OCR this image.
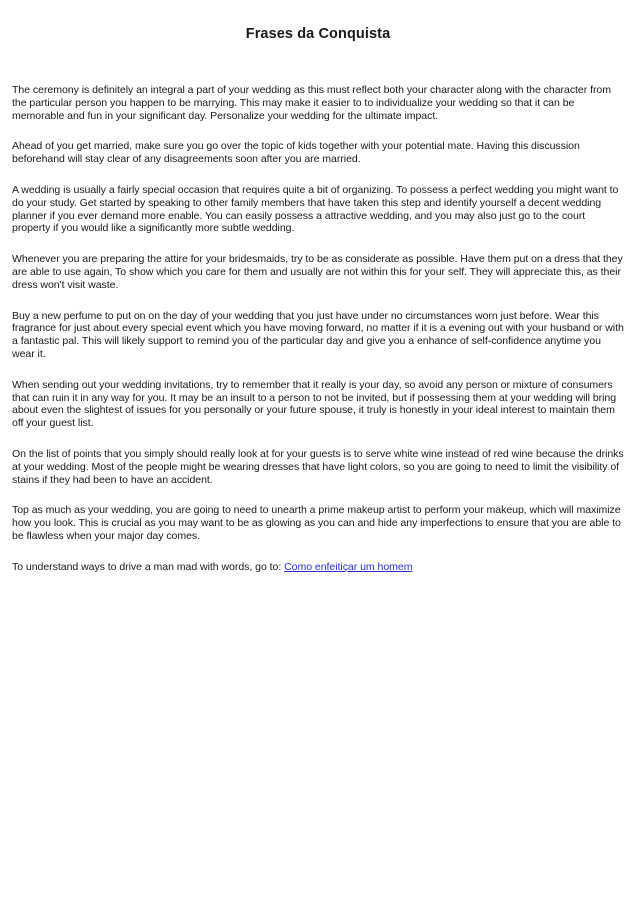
Frases da Conquista

The ceremony is definitely an integral a part of your wedding as this must reflect both your character along with the character from the particular person you happen to be marrying. This may make it easier to to individualize your wedding so that it can be memorable and fun in your significant day. Personalize your wedding for the ultimate impact.

Ahead of you get married, make sure you go over the topic of kids together with your potential mate. Having this discussion beforehand will stay clear of any disagreements soon after you are married.

A wedding is usually a fairly special occasion that requires quite a bit of organizing. To possess a perfect wedding you might want to do your study. Get started by speaking to other family members that have taken this step and identify yourself a decent wedding planner if you ever demand more enable. You can easily possess a attractive wedding, and you may also just go to the court property if you would like a significantly more subtle wedding.

Whenever you are preparing the attire for your bridesmaids, try to be as considerate as possible. Have them put on a dress that they are able to use again, To show which you care for them and usually are not within this for your self. They will appreciate this, as their dress won't visit waste.

Buy a new perfume to put on on the day of your wedding that you just have under no circumstances worn just before. Wear this fragrance for just about every special event which you have moving forward, no matter if it is a evening out with your husband or with a fantastic pal. This will likely support to remind you of the particular day and give you a enhance of self-confidence anytime you wear it.

When sending out your wedding invitations, try to remember that it really is your day, so avoid any person or mixture of consumers that can ruin it in any way for you. It may be an insult to a person to not be invited, but if possessing them at your wedding will bring about even the slightest of issues for you personally or your future spouse, it truly is honestly in your ideal interest to maintain them off your guest list.

On the list of points that you simply should really look at for your guests is to serve white wine instead of red wine because the drinks at your wedding. Most of the people might be wearing dresses that have light colors, so you are going to need to limit the visibility of stains if they had been to have an accident.

Top as much as your wedding, you are going to need to unearth a prime makeup artist to perform your makeup, which will maximize how you look. This is crucial as you may want to be as glowing as you can and hide any imperfections to ensure that you are able to be flawless when your major day comes.

To understand ways to drive a man mad with words, go to: Como enfeitiçar um homem
